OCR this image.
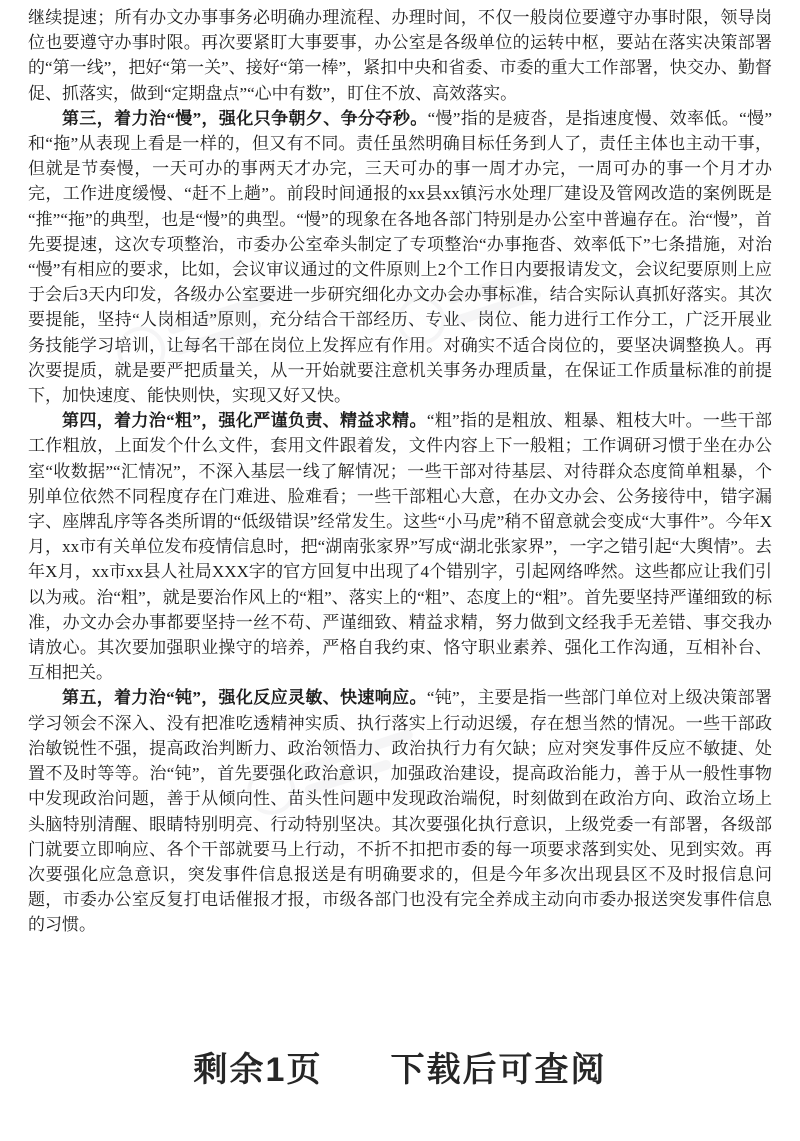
继续提速；所有办文办事事务必明确办理流程、办理时间，不仅一般岗位要遵守办事时限，领导岗位也要遵守办事时限。再次要紧盯大事要事，办公室是各级单位的运转中枢，要站在落实决策部署的“第一线”，把好“第一关”、接好“第一棒”，紧扣中央和省委、市委的重大工作部署，快交办、勤督促、抓落实，做到“定期盘点”“心中有数”，盯住不放、高效落实。

第三，着力治“慢”，强化只争朝夕、争分夺秒。“慢”指的是疲沓，是指速度慢、效率低。“慢”和“拖”从表现上看是一样的，但又有不同。责任虽然明确目标任务到人了，责任主体也主动干事，但就是节奏慢，一天可办的事两天才办完，三天可办的事一周才办完，一周可办的事一个月才办完，工作进度缓慢、“赶不上趟”。前段时间通报的xx县xx镇污水处理厂建设及管网改造的案例既是“推”“拖”的典型，也是“慢”的典型。“慢”的现象在各地各部门特别是办公室中普遍存在。治“慢”，首先要提速，这次专项整治，市委办公室牵头制定了专项整治“办事拖沓、效率低下”七条措施，对治“慢”有相应的要求，比如，会议审议通过的文件原则上2个工作日内要报请发文，会议纪要原则上应于会后3天内印发，各级办公室要进一步研究细化办文办会办事标准，结合实际认真抓好落实。其次要提能，坚持“人岗相适”原则，充分结合干部经历、专业、岗位、能力进行工作分工，广泛开展业务技能学习培训，让每名干部在岗位上发挥应有作用。对确实不适合岗位的，要坚决调整换人。再次要提质，就是要严把质量关，从一开始就要注意机关事务办理质量，在保证工作质量标准的前提下，加快速度、能快则快，实现又好又快。

第四，着力治“粗”，强化严谨负责、精益求精。“粗”指的是粗放、粗暴、粗枝大叶。一些干部工作粗放，上面发个什么文件，套用文件跟着发，文件内容上下一般粗；工作调研习惯于坐在办公室“收数据”“汇情况”，不深入基层一线了解情况；一些干部对待基层、对待群众态度简单粗暴，个别单位依然不同程度存在门难进、脸难看；一些干部粗心大意，在办文办会、公务接待中，错字漏字、座牌乱序等各类所谓的“低级错误”经常发生。这些“小马虎”稍不留意就会变成“大事件”。今年X月，xx市有关单位发布疫情信息时，把“湖南张家界”写成“湖北张家界”，一字之错引起“大舆情”。去年X月，xx市xx县人社局XXX字的官方回复中出现了4个错别字，引起网络哗然。这些都应让我们引以为戒。治“粗”，就是要治作风上的“粗”、落实上的“粗”、态度上的“粗”。首先要坚持严谨细致的标准，办文办会办事都要坚持一丝不苟、严谨细致、精益求精，努力做到文经我手无差错、事交我办请放心。其次要加强职业操守的培养，严格自我约束、恪守职业素养、强化工作沟通，互相补台、互相把关。

第五，着力治“钝”，强化反应灵敏、快速响应。“钝”，主要是指一些部门单位对上级决策部署学习领会不深入、没有把准吃透精神实质、执行落实上行动迟缓，存在想当然的情况。一些干部政治敏锐性不强，提高政治判断力、政治领悟力、政治执行力有欠缺；应对突发事件反应不敏捷、处置不及时等等。治“钝”，首先要强化政治意识，加强政治建设，提高政治能力，善于从一般性事物中发现政治问题，善于从倾向性、苗头性问题中发现政治端倪，时刻做到在政治方向、政治立场上头脑特别清醒、眼睛特别明亮、行动特别坚决。其次要强化执行意识，上级党委一有部署，各级部门就要立即响应、各个干部就要马上行动，不折不扣把市委的每一项要求落到实处、见到实效。再次要强化应急意识，突发事件信息报送是有明确要求的，但是今年多次出现县区不及时报信息问题，市委办公室反复打电话催报才报，市级各部门也没有完全养成主动向市委办报送突发事件信息的习惯。

剩余1页 下载后可查阅
